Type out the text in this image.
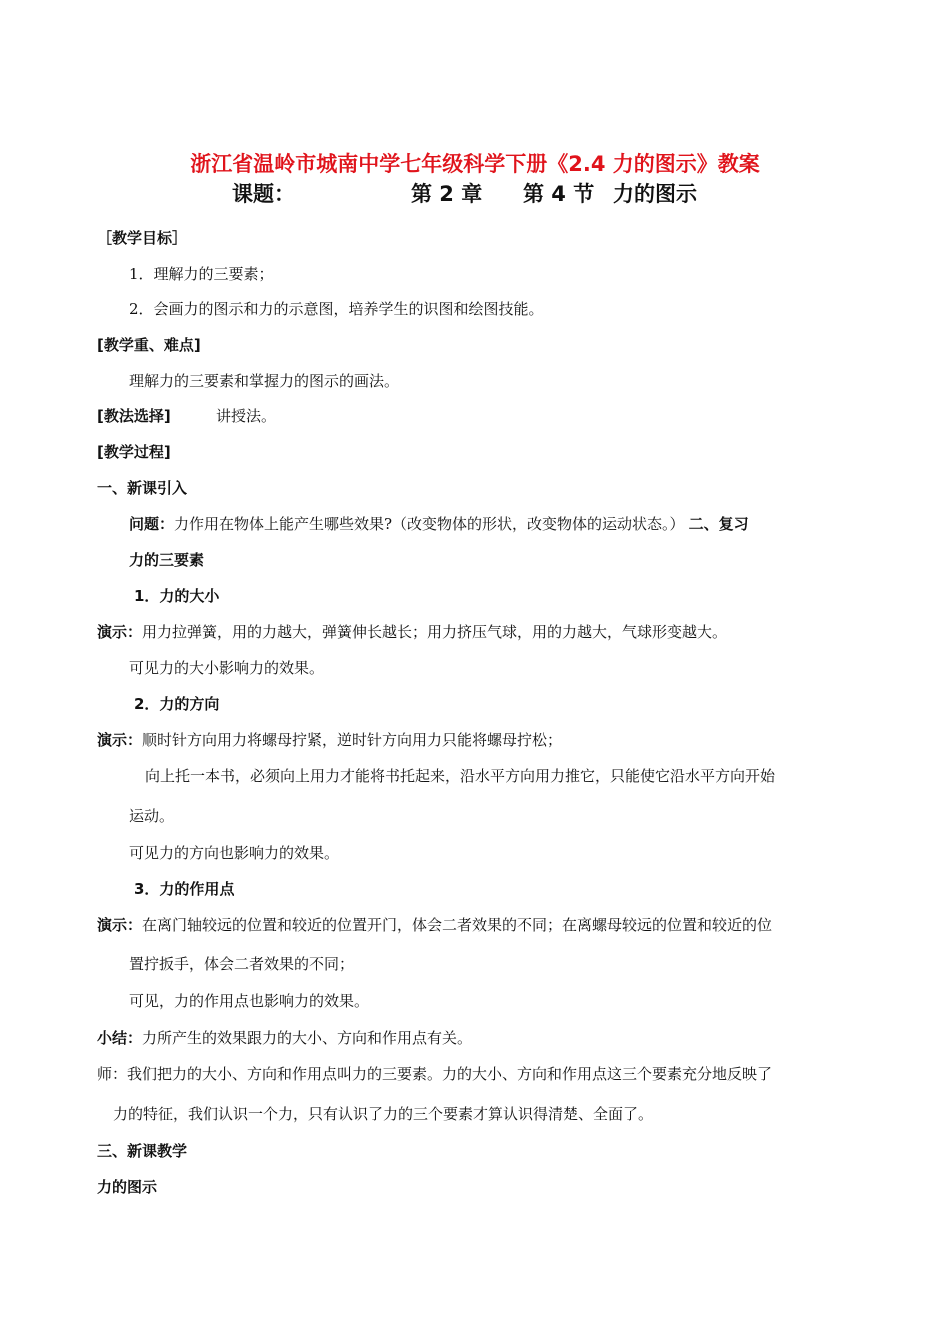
浙江省温岭市城南中学七年级科学下册《2.4 力的图示》教案
课题：	第 2 章 第 4 节 力的图示
［教学目标］
1．理解力的三要素；
2．会画力的图示和力的示意图，培养学生的识图和绘图技能。
[教学重、难点]
理解力的三要素和掌握力的图示的画法。
[教法选择]	讲授法。
[教学过程]
一、新课引入
问题：力作用在物体上能产生哪些效果?（改变物体的形状，改变物体的运动状态。） 二、复习
力的三要素
1．力的大小
演示：用力拉弹簧，用的力越大，弹簧伸长越长；用力挤压气球，用的力越大，气球形变越大。
可见力的大小影响力的效果。
2．力的方向
演示：顺时针方向用力将螺母拧紧，逆时针方向用力只能将螺母拧松；
向上托一本书，必须向上用力才能将书托起来，沿水平方向用力推它，只能使它沿水平方向开始
运动。
可见力的方向也影响力的效果。
3．力的作用点
演示：在离门轴较远的位置和较近的位置开门，体会二者效果的不同；在离螺母较远的位置和较近的位
置拧扳手，体会二者效果的不同；
可见，力的作用点也影响力的效果。
小结：力所产生的效果跟力的大小、方向和作用点有关。
师：我们把力的大小、方向和作用点叫力的三要素。力的大小、方向和作用点这三个要素充分地反映了
力的特征，我们认识一个力，只有认识了力的三个要素才算认识得清楚、全面了。
三、新课教学
力的图示
